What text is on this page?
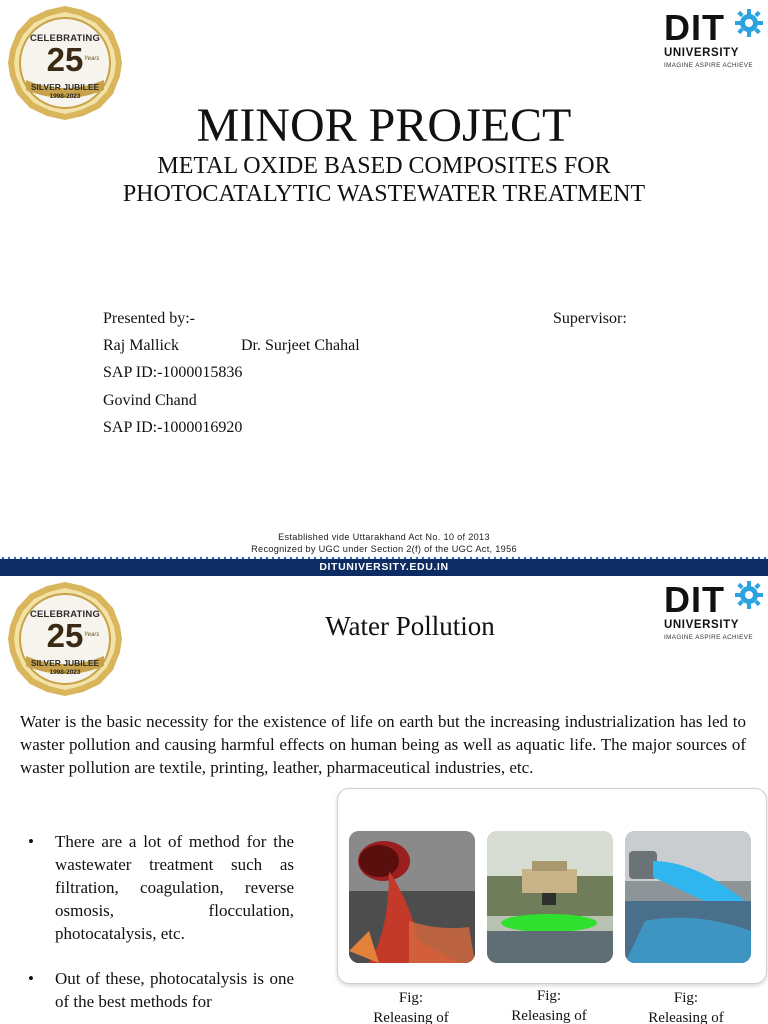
CELEBRATING
25 Years
SILVER JUBILEE
1998-2023
DIT
UNIVERSITY
IMAGINE ASPIRE ACHIEVE
MINOR PROJECT
METAL OXIDE BASED COMPOSITES FOR
PHOTOCATALYTIC WASTEWATER TREATMENT
Presented by:-	Supervisor:
Raj Mallick	Dr. Surjeet Chahal
SAP ID:-1000015836
Govind Chand
SAP ID:-1000016920
Established vide Uttarakhand Act No. 10 of 2013
Recognized by UGC under Section 2(f) of the UGC Act, 1956
DITUNIVERSITY.EDU.IN
CELEBRATING
25 Years
SILVER JUBILEE
1998-2023
DIT
UNIVERSITY
IMAGINE ASPIRE ACHIEVE
Water Pollution
Water is the basic necessity for the existence of life on earth but the increasing industrialization has led to waster pollution and causing harmful effects on human being as well as aquatic life. The major sources of waster pollution are textile, printing, leather, pharmaceutical industries, etc.
• There are a lot of method for the wastewater treatment such as filtration, coagulation, reverse osmosis, flocculation, photocatalysis, etc.
• Out of these, photocatalysis is one of the best methods for	Fig:
Releasing of
Fig:
Releasing of
Fig:
Releasing of
